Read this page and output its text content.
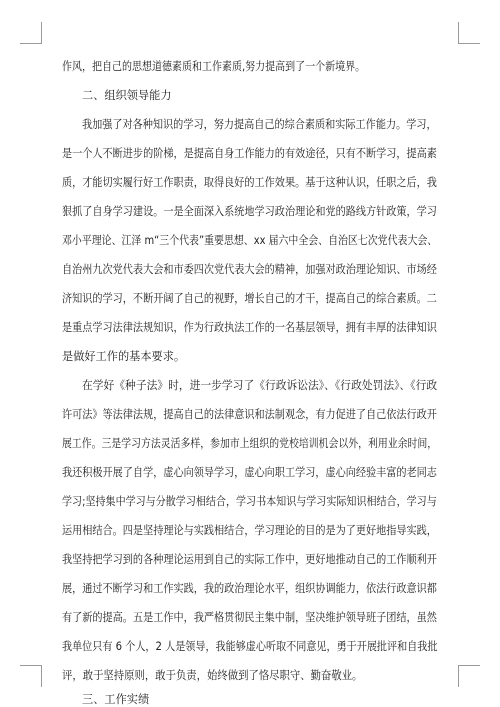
作风，把自己的思想道德素质和工作素质,努力提高到了一个新境界。
二、组织领导能力
我加强了对各种知识的学习，努力提高自己的综合素质和实际工作能力。学习，
是一个人不断进步的阶梯，是提高自身工作能力的有效途径，只有不断学习，提高素
质，才能切实履行好工作职责，取得良好的工作效果。基于这种认识，任职之后，我
狠抓了自身学习建设。一是全面深入系统地学习政治理论和党的路线方针政策，学习
邓小平理论、江泽 m“三个代表”重要思想、xx 届六中全会、自治区七次党代表大会、
自治州九次党代表大会和市委四次党代表大会的精神，加强对政治理论知识、市场经
济知识的学习，不断开阔了自己的视野，增长自己的才干，提高自己的综合素质。二
是重点学习法律法规知识，作为行政执法工作的一名基层领导，拥有丰厚的法律知识
是做好工作的基本要求。
在学好《种子法》时，进一步学习了《行政诉讼法》、《行政处罚法》、《行政
许可法》等法律法规，提高自己的法律意识和法制观念，有力促进了自己依法行政开
展工作。三是学习方法灵活多样，参加市上组织的党校培训机会以外，利用业余时间，
我还积极开展了自学，虚心向领导学习，虚心向职工学习，虚心向经验丰富的老同志
学习;坚持集中学习与分散学习相结合，学习书本知识与学习实际知识相结合，学习与
运用相结合。四是坚持理论与实践相结合，学习理论的目的是为了更好地指导实践，
我坚持把学习到的各种理论运用到自己的实际工作中，更好地推动自己的工作顺利开
展，通过不断学习和工作实践，我的政治理论水平，组织协调能力，依法行政意识都
有了新的提高。五是工作中，我严格贯彻民主集中制，坚决维护领导班子团结，虽然
我单位只有 6 个人，2 人是领导，我能够虚心听取不同意见，勇于开展批评和自我批
评，敢于坚持原则，敢于负责，始终做到了恪尽职守、勤奋敬业。
三、工作实绩
